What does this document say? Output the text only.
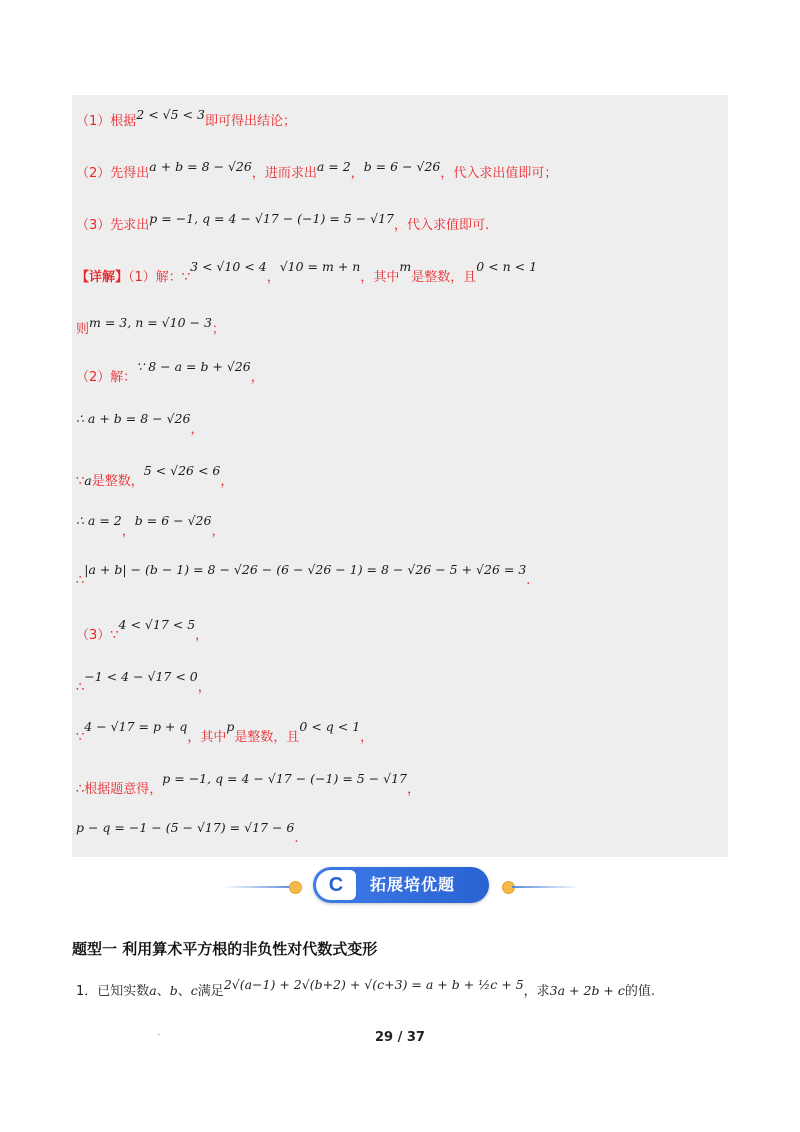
（1）根据2 < √5 < 3即可得出结论；
（2）先得出a + b = 8 − √26，进而求出a = 2，b = 6 − √26，代入求出值即可；
（3）先求出p = −1, q = 4 − √17 − (−1) = 5 − √17，代入求值即可.
【详解】（1）解：∵3 < √10 < 4，√10 = m + n，其中m是整数，且0 < n < 1
则m = 3, n = √10 − 3；
（2）解：∵ 8 − a = b + √26，
∴ a + b = 8 − √26，
∵a是整数，5 < √26 < 6，
∴ a = 2，b = 6 − √26，
∴|a + b| − (b − 1) = 8 − √26 − (6 − √26 − 1) = 8 − √26 − 5 + √26 = 3.
（3）∵4 < √17 < 5，
∴−1 < 4 − √17 < 0，
∵4 − √17 = p + q，其中p是整数，且0 < q < 1，
∴根据题意得，p = −1, q = 4 − √17 − (−1) = 5 − √17，
p − q = −1 − (5 − √17) = √17 − 6.
C	拓展培优题
题型一 利用算术平方根的非负性对代数式变形
1．已知实数a、b、c满足2√(a−1) + 2√(b+2) + √(c+3) = a + b + ½c + 5，求3a + 2b + c的值.
29 / 37
